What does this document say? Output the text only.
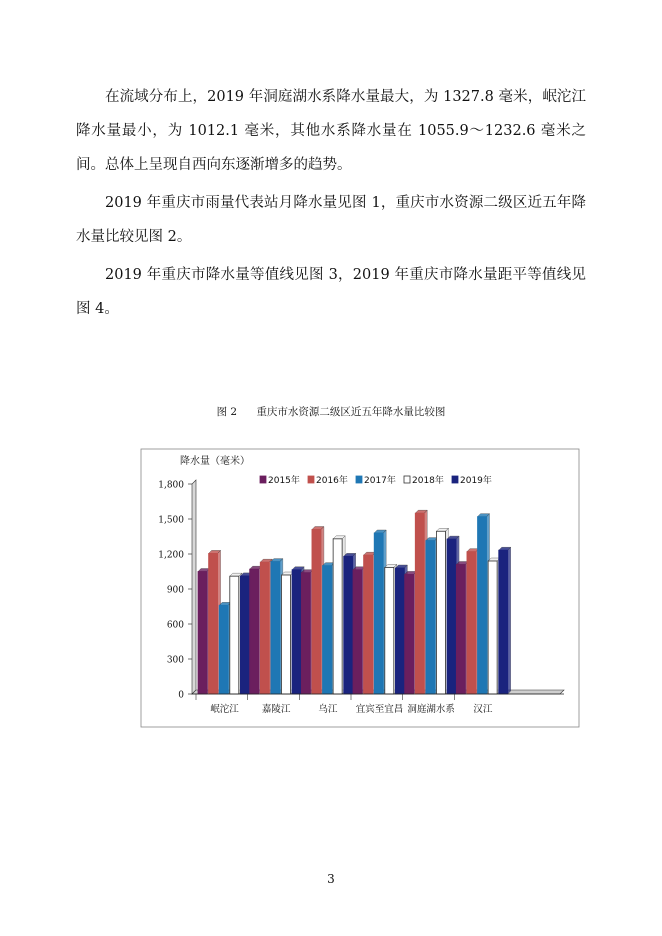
在流域分布上，2019 年洞庭湖水系降水量最大，为 1327.8 毫米，岷沱江降水量最小，为 1012.1 毫米，其他水系降水量在 1055.9～1232.6 毫米之间。总体上呈现自西向东逐渐增多的趋势。

2019 年重庆市雨量代表站月降水量见图 1，重庆市水资源二级区近五年降水量比较见图 2。

2019 年重庆市降水量等值线见图 3，2019 年重庆市降水量距平等值线见图 4。

图 2 重庆市水资源二级区近五年降水量比较图
降水量（毫米）
0
300
600
900
1,200
1,500
1,800
岷沱江 嘉陵江	乌江 宜宾至宜昌 洞庭湖水系 汉江
2015年 2016年 2017年 2018年 2019年
3
